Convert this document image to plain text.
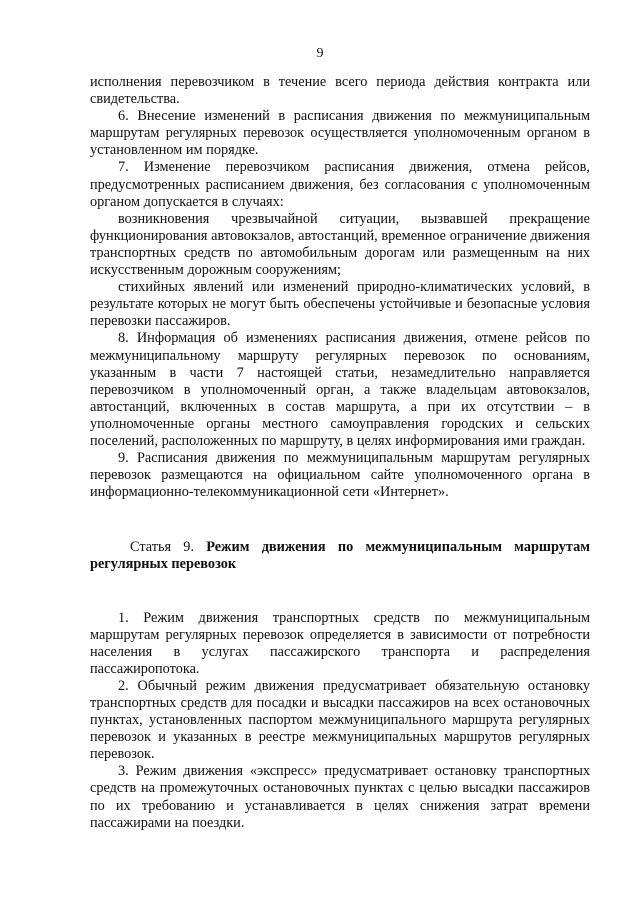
9

исполнения перевозчиком в течение всего периода действия контракта или свидетельства.

6. Внесение изменений в расписания движения по межмуниципальным маршрутам регулярных перевозок осуществляется уполномоченным органом в установленном им порядке.

7. Изменение перевозчиком расписания движения, отмена рейсов, предусмотренных расписанием движения, без согласования с уполномоченным органом допускается в случаях:

возникновения чрезвычайной ситуации, вызвавшей прекращение функционирования автовокзалов, автостанций, временное ограничение движения транспортных средств по автомобильным дорогам или размещенным на них искусственным дорожным сооружениям;

стихийных явлений или изменений природно-климатических условий, в результате которых не могут быть обеспечены устойчивые и безопасные условия перевозки пассажиров.

8. Информация об изменениях расписания движения, отмене рейсов по межмуниципальному маршруту регулярных перевозок по основаниям, указанным в части 7 настоящей статьи, незамедлительно направляется перевозчиком в уполномоченный орган, а также владельцам автовокзалов, автостанций, включенных в состав маршрута, а при их отсутствии – в уполномоченные органы местного самоуправления городских и сельских поселений, расположенных по маршруту, в целях информирования ими граждан.

9. Расписания движения по межмуниципальным маршрутам регулярных перевозок размещаются на официальном сайте уполномоченного органа в информационно-телекоммуникационной сети «Интернет».

Статья 9. Режим движения по межмуниципальным маршрутам регулярных перевозок

1. Режим движения транспортных средств по межмуниципальным маршрутам регулярных перевозок определяется в зависимости от потребности населения в услугах пассажирского транспорта и распределения пассажиропотока.

2. Обычный режим движения предусматривает обязательную остановку транспортных средств для посадки и высадки пассажиров на всех остановочных пунктах, установленных паспортом межмуниципального маршрута регулярных перевозок и указанных в реестре межмуниципальных маршрутов регулярных перевозок.

3. Режим движения «экспресс» предусматривает остановку транспортных средств на промежуточных остановочных пунктах с целью высадки пассажиров по их требованию и устанавливается в целях снижения затрат времени пассажирами на поездки.
